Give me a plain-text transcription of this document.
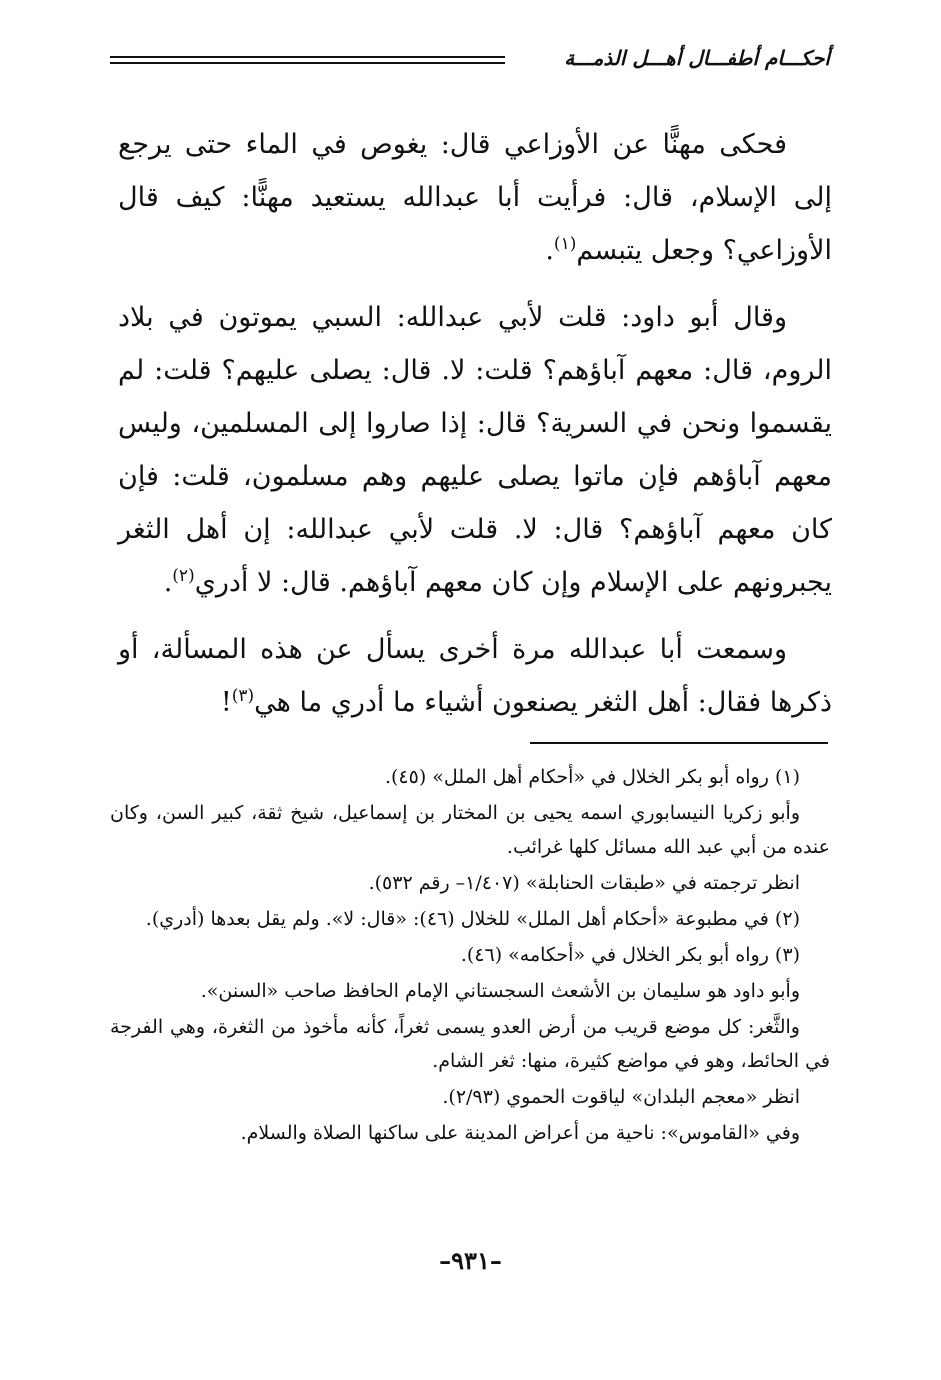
أحكـــام أطفـــال أهـــل الذمـــة

فحكى مهنًّا عن الأوزاعي قال: يغوص في الماء حتى يرجع إلى الإسلام، قال: فرأيت أبا عبدالله يستعيد مهنًّا: كيف قال الأوزاعي؟ وجعل يتبسم$^{(١)}$.

وقال أبو داود: قلت لأبي عبدالله: السبي يموتون في بلاد الروم، قال: معهم آباؤهم؟ قلت: لا. قال: يصلى عليهم؟ قلت: لم يقسموا ونحن في السرية؟ قال: إذا صاروا إلى المسلمين، وليس معهم آباؤهم فإن ماتوا يصلى عليهم وهم مسلمون، قلت: فإن كان معهم آباؤهم؟ قال: لا. قلت لأبي عبدالله: إن أهل الثغر يجبرونهم على الإسلام وإن كان معهم آباؤهم. قال: لا أدري$^{(٢)}$.

وسمعت أبا عبدالله مرة أخرى يسأل عن هذه المسألة، أو ذكرها فقال: أهل الثغر يصنعون أشياء ما أدري ما هي$^{(٣)}$!

(١) رواه أبو بكر الخلال في «أحكام أهل الملل» (٤٥).

وأبو زكريا النيسابوري اسمه يحيى بن المختار بن إسماعيل، شيخ ثقة، كبير السن، وكان عنده من أبي عبد الله مسائل كلها غرائب.

انظر ترجمته في «طبقات الحنابلة» (١/٤٠٧– رقم ٥٣٢).

(٢) في مطبوعة «أحكام أهل الملل» للخلال (٤٦): «قال: لا». ولم يقل بعدها (أدري).

(٣) رواه أبو بكر الخلال في «أحكامه» (٤٦).

وأبو داود هو سليمان بن الأشعث السجستاني الإمام الحافظ صاحب «السنن».

والثَّغر: كل موضع قريب من أرض العدو يسمى ثغراً، كأنه مأخوذ من الثغرة، وهي الفرجة في الحائط، وهو في مواضع كثيرة، منها: ثغر الشام.

انظر «معجم البلدان» لياقوت الحموي (٢/٩٣).

وفي «القاموس»: ناحية من أعراض المدينة على ساكنها الصلاة والسلام.

–٩٣١–
